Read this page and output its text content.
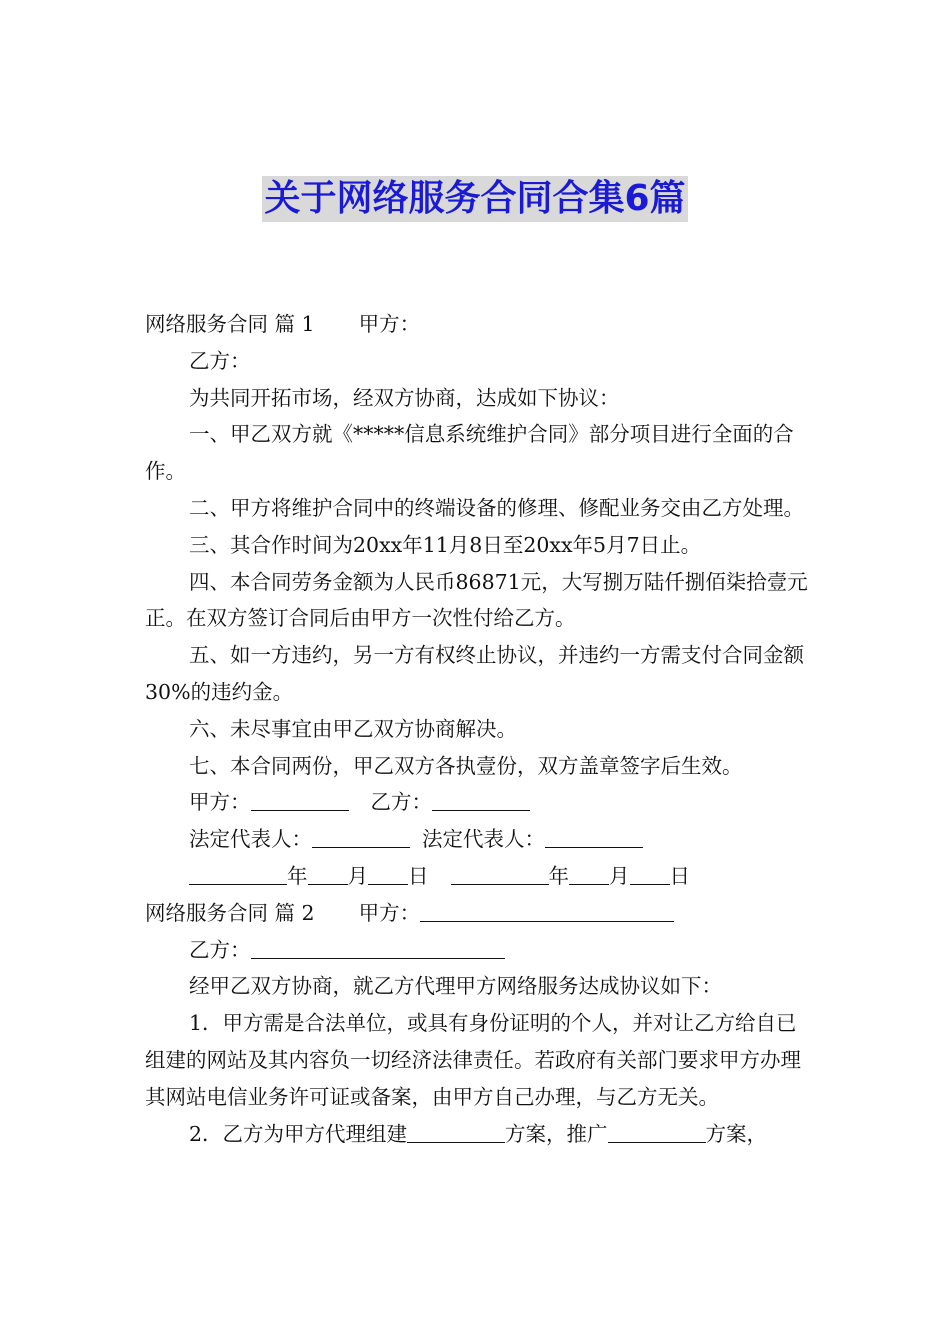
关于网络服务合同合集6篇

网络服务合同 篇 1 甲方：

乙方：

为共同开拓市场，经双方协商，达成如下协议：

一、甲乙双方就《*****信息系统维护合同》部分项目进行全面的合作。

二、甲方将维护合同中的终端设备的修理、修配业务交由乙方处理。

三、其合作时间为20xx年11月8日至20xx年5月7日止。

四、本合同劳务金额为人民币86871元，大写捌万陆仟捌佰柒拾壹元正。在双方签订合同后由甲方一次性付给乙方。

五、如一方违约，另一方有权终止协议，并违约一方需支付合同金额30%的违约金。

六、未尽事宜由甲乙双方协商解决。

七、本合同两份，甲乙双方各执壹份，双方盖章签字后生效。

甲方：	乙方：

法定代表人：	法定代表人：

年 月 日	年 月 日

网络服务合同 篇 2 甲方：

乙方：

经甲乙双方协商，就乙方代理甲方网络服务达成协议如下：

1．甲方需是合法单位，或具有身份证明的个人，并对让乙方给自已组建的网站及其内容负一切经济法律责任。若政府有关部门要求甲方办理其网站电信业务许可证或备案，由甲方自己办理，与乙方无关。

2．乙方为甲方代理组建	方案，推广	方案，
